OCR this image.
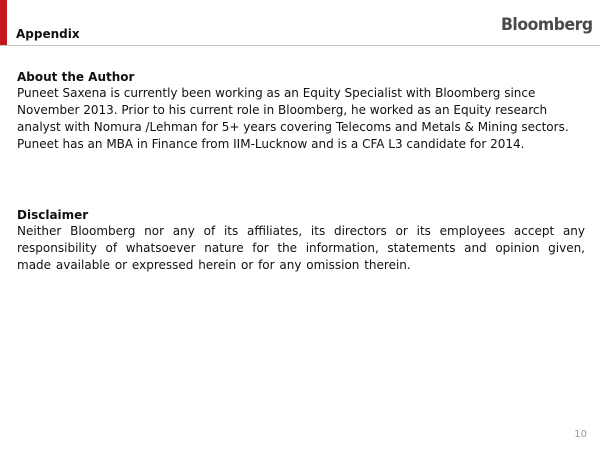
Appendix	Bloomberg

About the Author

Puneet Saxena is currently been working as an Equity Specialist with Bloomberg since November 2013. Prior to his current role in Bloomberg, he worked as an Equity research analyst with Nomura /Lehman for 5+ years covering Telecoms and Metals & Mining sectors. Puneet has an MBA in Finance from IIM-Lucknow and is a CFA L3 candidate for 2014.

Disclaimer

Neither Bloomberg nor any of its affiliates, its directors or its employees accept any responsibility of whatsoever nature for the information, statements and opinion given, made available or expressed herein or for any omission therein.

10
